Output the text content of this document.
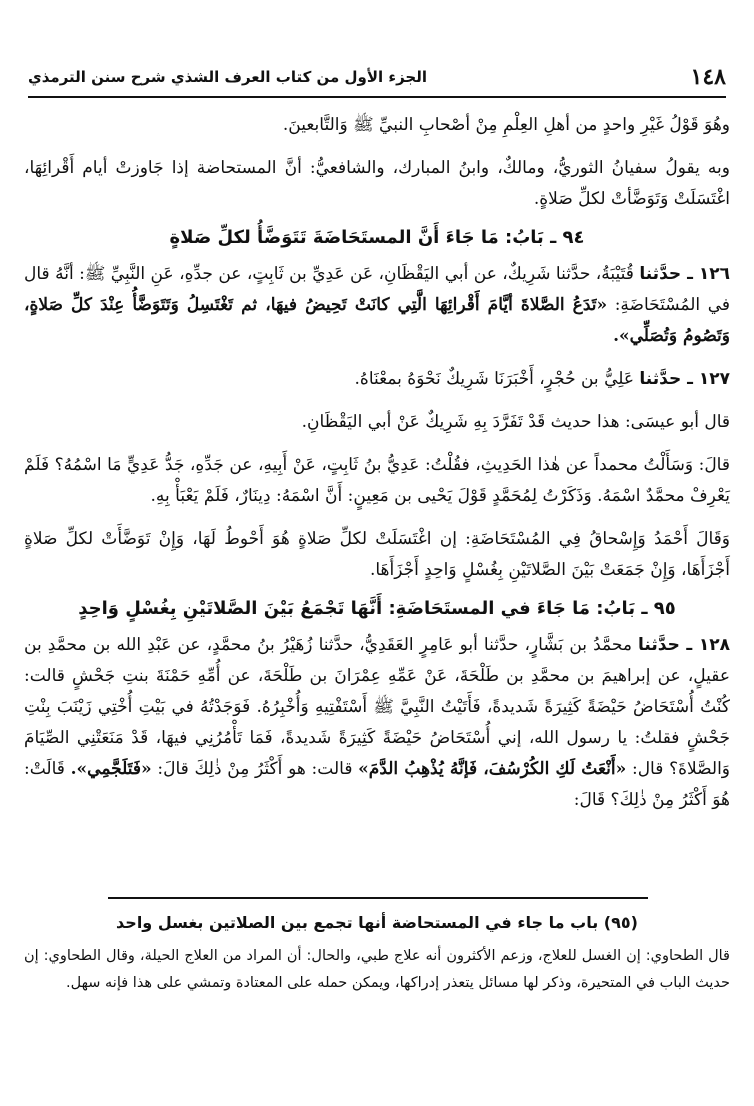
١٤٨
الجزء الأول من كتاب العرف الشذي شرح سنن الترمذي

وهُوَ قَوْلُ غَيْرِ واحدٍ من أهلِ العِلْمِ مِنْ أصْحابِ النبيِّ ﷺ وَالتَّابعينَ.

وبه يقولُ سفيانُ الثوريُّ، ومالكٌ، وابنُ المبارك، والشافعيُّ: أنَّ المستحاضة إذا جَاوزتْ أيام أَقْرائِهَا، اغْتَسَلَتْ وَتَوَضَّأتْ لكلِّ صَلاةٍ.

٩٤ ـ بَابُ: مَا جَاءَ أَنَّ المستَحَاضَةَ تَتَوَضَّأُ لكلِّ صَلاةٍ

١٢٦ ـ حدَّثنا قُتَيْبَةُ، حدَّثنا شَرِيكٌ، عن أبي اليَقْظَانِ، عَن عَدِيِّ بن ثَابِتٍ، عن جدِّهِ، عَنِ النَّبِيِّ ﷺ: أنَّهُ قال في المُسْتَحَاضَةِ: «تَدَعُ الصَّلاةَ أيَّامَ أَقْرائِهَا الَّتِي كانَتْ تَحِيضُ فيهَا، ثم تَغْتَسِلُ وَتَتَوَضَّأُ عِنْدَ كلِّ صَلاةٍ، وَتَصُومُ وَتُصَلِّي».

١٢٧ ـ حدَّثنا عَلِيُّ بن حُجْرٍ، أَخْبَرَنَا شَرِيكٌ نَحْوَهُ بمعْنَاهُ.

قال أبو عيسَى: هذا حديث قَدْ تَفَرَّدَ بِهِ شَرِيكٌ عَنْ أبي اليَقْظَانِ.

قالَ: وَسَأَلْتُ محمداً عن هٰذا الحَدِيثِ، فقُلْتُ: عَدِيُّ بنُ ثَابِتٍ، عَنْ أَبِيهِ، عن جَدِّهِ، جَدُّ عَدِيٍّ مَا اسْمُهُ؟ فَلَمْ يَعْرِفْ محمَّدٌ اسْمَهُ. وَذَكَرْتُ لِمُحَمَّدٍ قَوْلَ يَحْيى بن مَعِينٍ: أَنَّ اسْمَهُ: دِينَارٌ، فَلَمْ يَعْبَأْ بِهِ.

وَقَالَ أَحْمَدُ وَإِسْحاقُ فِي المُسْتَحَاضَةِ: إن اغْتَسَلَتْ لكلِّ صَلاةٍ هُوَ أَحْوطُ لَهَا، وَإِنْ تَوَضَّأَتْ لكلِّ صَلاةٍ أَجْزَأَهَا، وَإِنْ جَمَعَتْ بَيْنَ الصَّلاتَيْنِ بِغُسْلٍ وَاحِدٍ أَجْزَأَهَا.

٩٥ ـ بَابُ: مَا جَاءَ في المستَحَاضَةِ: أَنَّهَا تَجْمَعُ بَيْنَ الصَّلاتَيْنِ بِغُسْلٍ وَاحِدٍ

١٢٨ ـ حدَّثنا محمَّدُ بن بَشَّارٍ، حدَّثنا أبو عَامِرٍ العَقَدِيُّ، حدَّثنا زُهَيْرُ بنُ محمَّدٍ، عن عَبْدِ الله بن محمَّدِ بن عقيلٍ، عن إبراهيمَ بن محمَّدِ بن طَلْحَةَ، عَنْ عَمِّهِ عِمْرَانَ بن طَلْحَةَ، عن أُمِّهِ حَمْنَةَ بنتِ جَحْشٍ قالت: كُنْتُ أُسْتَحَاضُ حَيْضَةً كَثِيرَةً شَديدةً، فَأَتَيْتُ النَّبِيَّ ﷺ أَسْتَفْتِيهِ وَأُخْبِرُهُ. فَوَجَدْتُهُ في بَيْتِ أُخْتِي زَيْنَبَ بِنْتِ جَحْشٍ فقلتُ: يا رسول الله، إني أُسْتَحَاضُ حَيْضَةً كَثِيرَةً شَديدةً، فَمَا تَأْمُرُنِي فيهَا، قَدْ مَنَعَتْنِي الصِّيَامَ وَالصَّلاةَ؟ قال: «أَنْعَتُ لَكِ الكُرْسُفَ، فَإنَّهُ يُذْهِبُ الدَّمَ» قالت: هو أَكْثَرُ مِنْ ذٰلِكَ قالَ: «فَتَلَجَّمِي». قَالَتْ: هُوَ أَكْثَرُ مِنْ ذٰلِكَ؟ قَالَ:

(٩٥) باب ما جاء في المستحاضة أنها تجمع بين الصلاتين بغسل واحد

قال الطحاوي: إن الغسل للعلاج، وزعم الأكثرون أنه علاج طبي، والحال: أن المراد من العلاج الحيلة، وقال الطحاوي: إن حديث الباب في المتحيرة، وذكر لها مسائل يتعذر إدراكها، ويمكن حمله على المعتادة وتمشي على هذا فإنه سهل.
